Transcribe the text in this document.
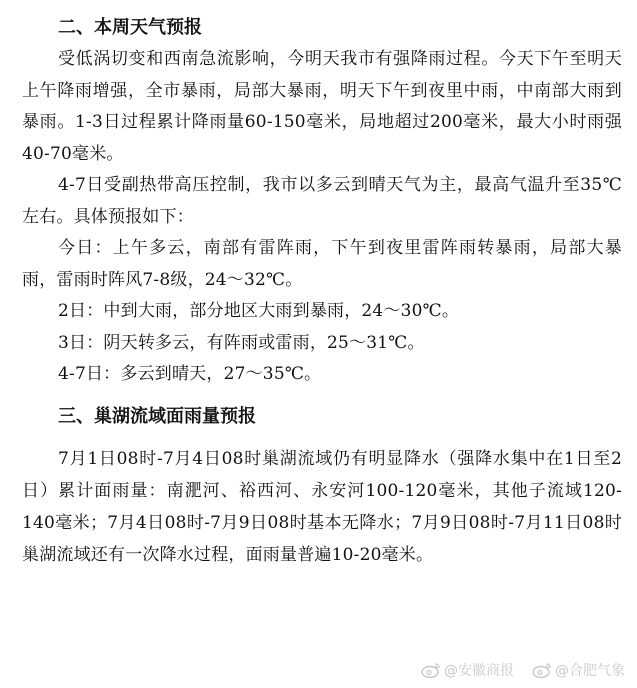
二、本周天气预报

受低涡切变和西南急流影响，今明天我市有强降雨过程。今天下午至明天上午降雨增强，全市暴雨，局部大暴雨，明天下午到夜里中雨，中南部大雨到暴雨。1-3日过程累计降雨量60-150毫米，局地超过200毫米，最大小时雨强40-70毫米。

4-7日受副热带高压控制，我市以多云到晴天气为主，最高气温升至35℃左右。具体预报如下：

今日：上午多云，南部有雷阵雨，下午到夜里雷阵雨转暴雨，局部大暴雨，雷雨时阵风7-8级，24～32℃。

2日：中到大雨，部分地区大雨到暴雨，24～30℃。

3日：阴天转多云，有阵雨或雷雨，25～31℃。

4-7日：多云到晴天，27～35℃。

三、巢湖流域面雨量预报

7月1日08时-7月4日08时巢湖流域仍有明显降水（强降水集中在1日至2日）累计面雨量：南淝河、裕西河、永安河100-120毫米，其他子流域120-140毫米；7月4日08时-7月9日08时基本无降水；7月9日08时-7月11日08时巢湖流域还有一次降水过程，面雨量普遍10-20毫米。

@安徽商报	@合肥气象
